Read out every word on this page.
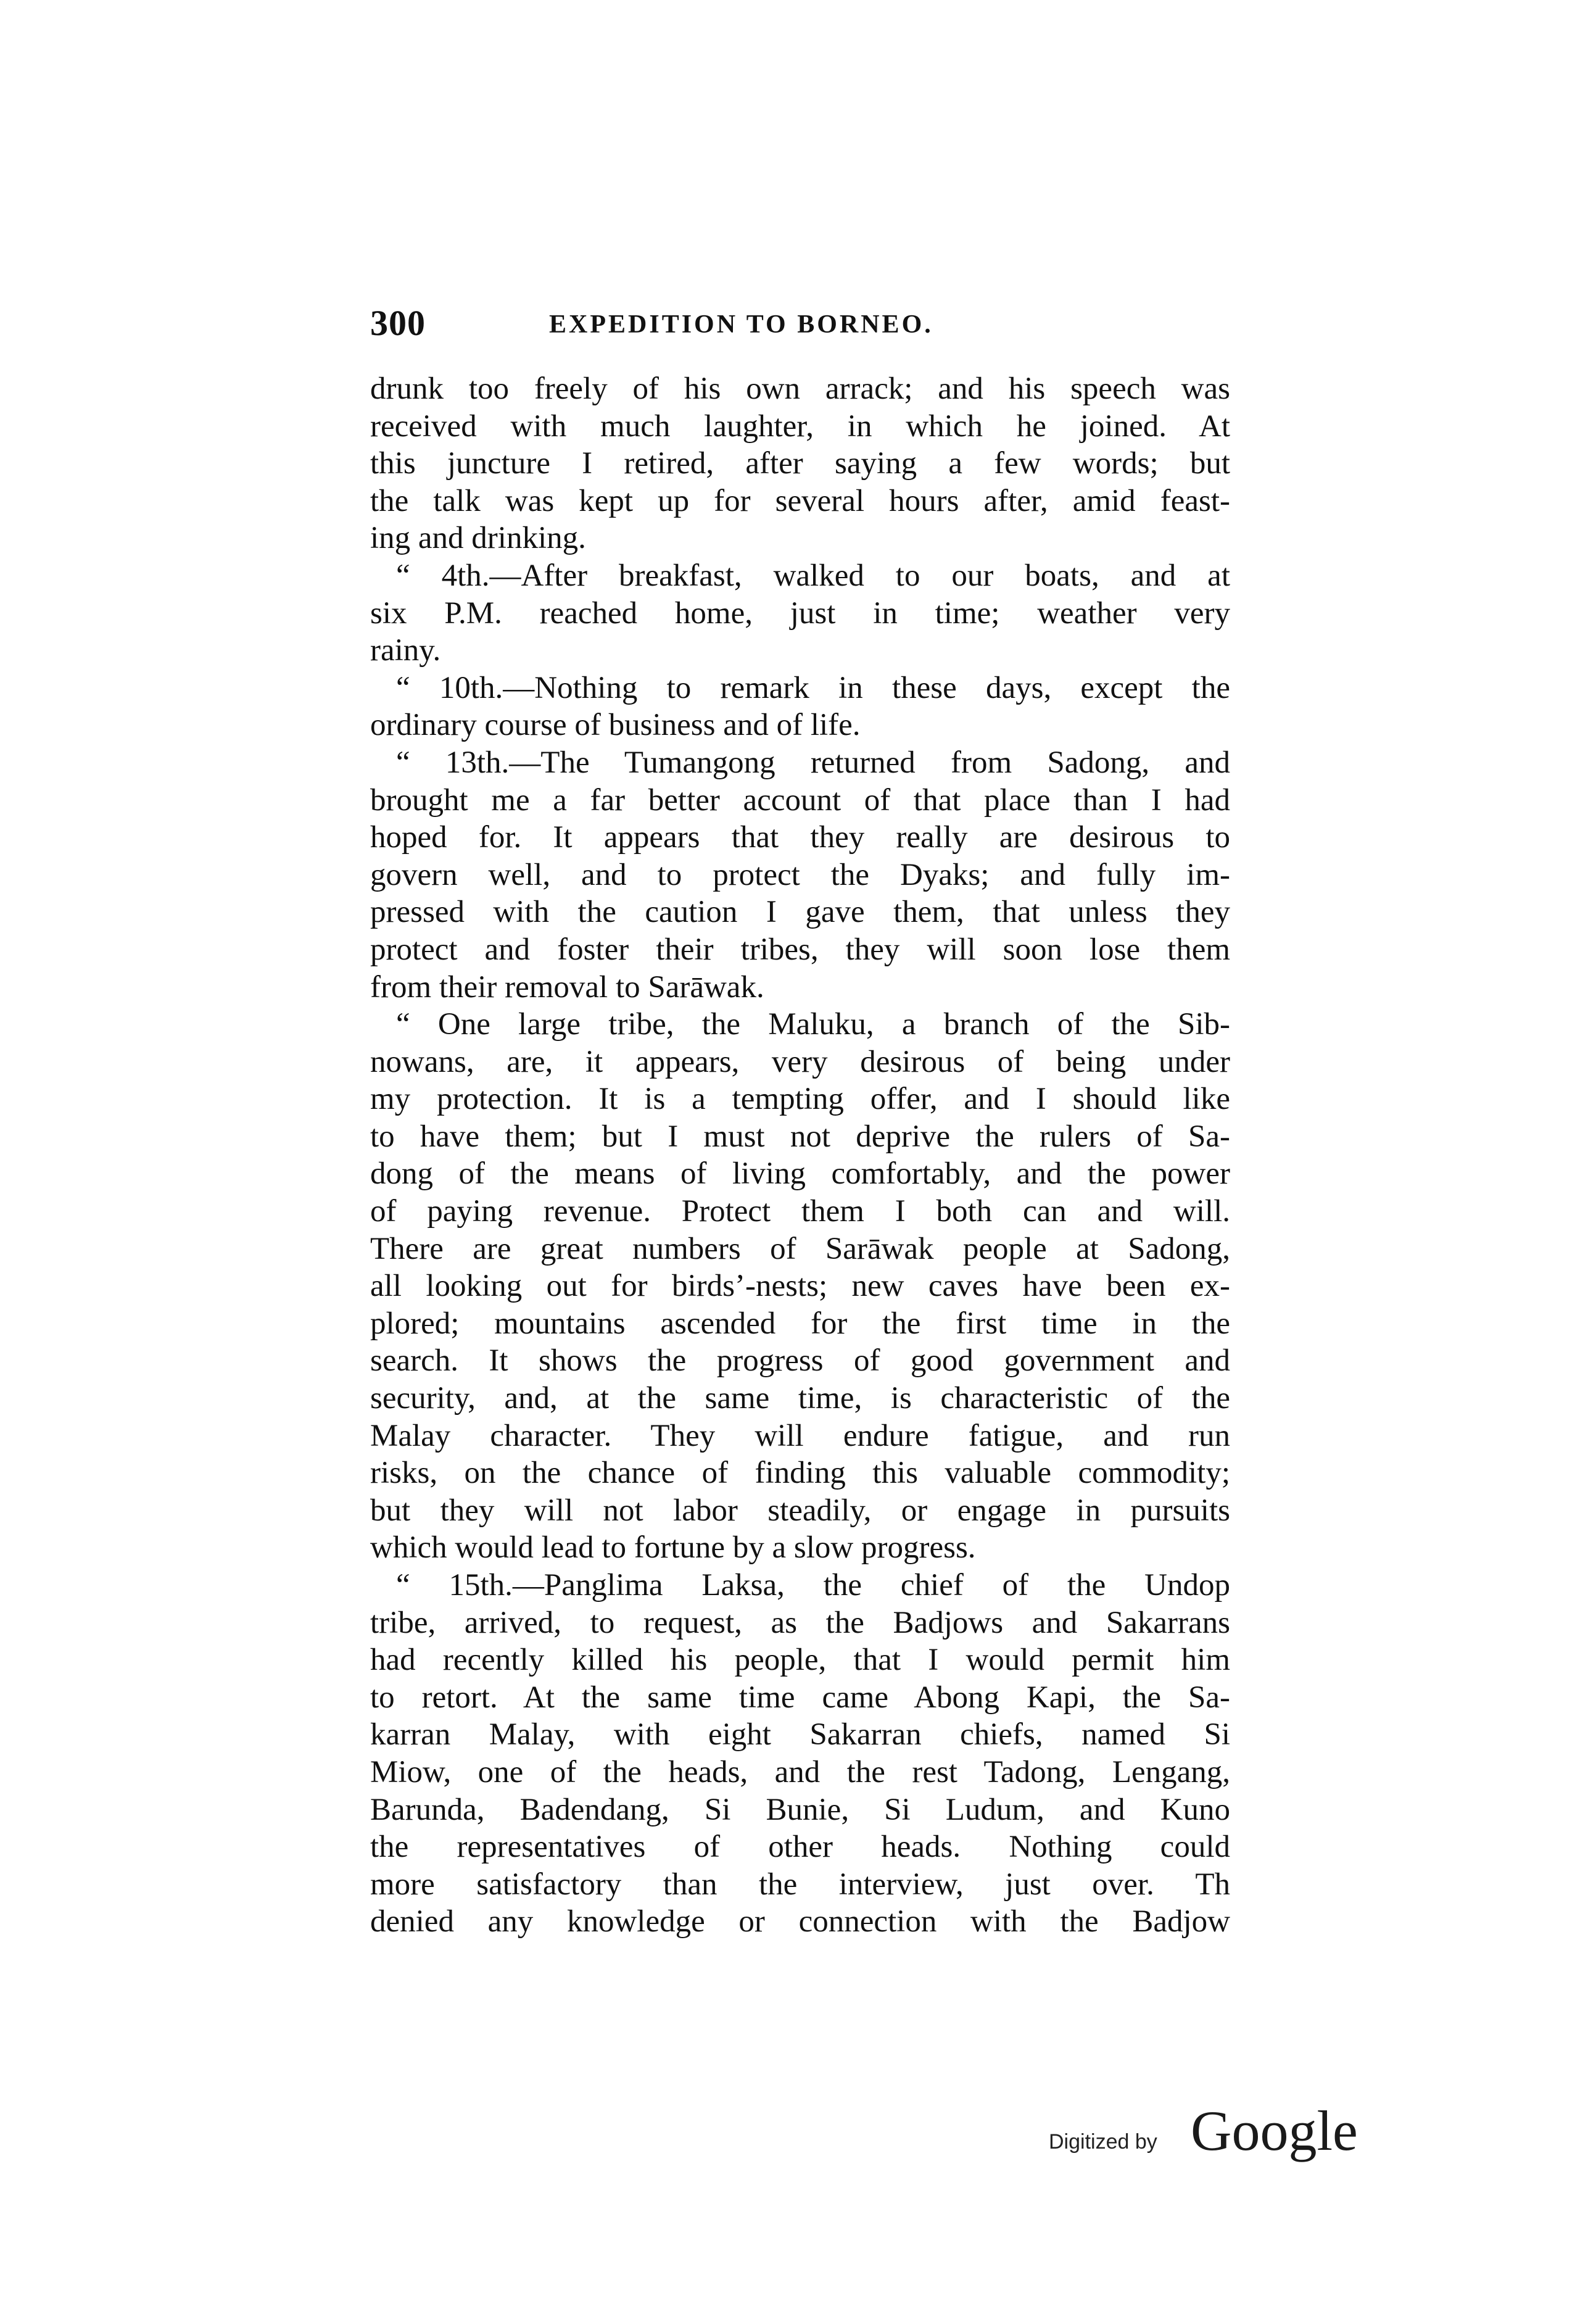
300	EXPEDITION TO BORNEO.
drunk too freely of his own arrack; and his speech was
received with much laughter, in which he joined. At
this juncture I retired, after saying a few words; but
the talk was kept up for several hours after, amid feast-
ing and drinking.
“ 4th.—After breakfast, walked to our boats, and at
six P.M. reached home, just in time; weather very
rainy.
“ 10th.—Nothing to remark in these days, except the
ordinary course of business and of life.
“ 13th.—The Tumangong returned from Sadong, and
brought me a far better account of that place than I had
hoped for. It appears that they really are desirous to
govern well, and to protect the Dyaks; and fully im-
pressed with the caution I gave them, that unless they
protect and foster their tribes, they will soon lose them
from their removal to Sarāwak.
“ One large tribe, the Maluku, a branch of the Sib-
nowans, are, it appears, very desirous of being under
my protection. It is a tempting offer, and I should like
to have them; but I must not deprive the rulers of Sa-
dong of the means of living comfortably, and the power
of paying revenue. Protect them I both can and will.
There are great numbers of Sarāwak people at Sadong,
all looking out for birds’-nests; new caves have been ex-
plored; mountains ascended for the first time in the
search. It shows the progress of good government and
security, and, at the same time, is characteristic of the
Malay character. They will endure fatigue, and run
risks, on the chance of finding this valuable commodity;
but they will not labor steadily, or engage in pursuits
which would lead to fortune by a slow progress.
“ 15th.—Panglima Laksa, the chief of the Undop
tribe, arrived, to request, as the Badjows and Sakarrans
had recently killed his people, that I would permit him
to retort. At the same time came Abong Kapi, the Sa-
karran Malay, with eight Sakarran chiefs, named Si
Miow, one of the heads, and the rest Tadong, Lengang,
Barunda, Badendang, Si Bunie, Si Ludum, and Kuno
the representatives of other heads. Nothing could
more satisfactory than the interview, just over. Th
denied any knowledge or connection with the Badjow
Digitized by Google
